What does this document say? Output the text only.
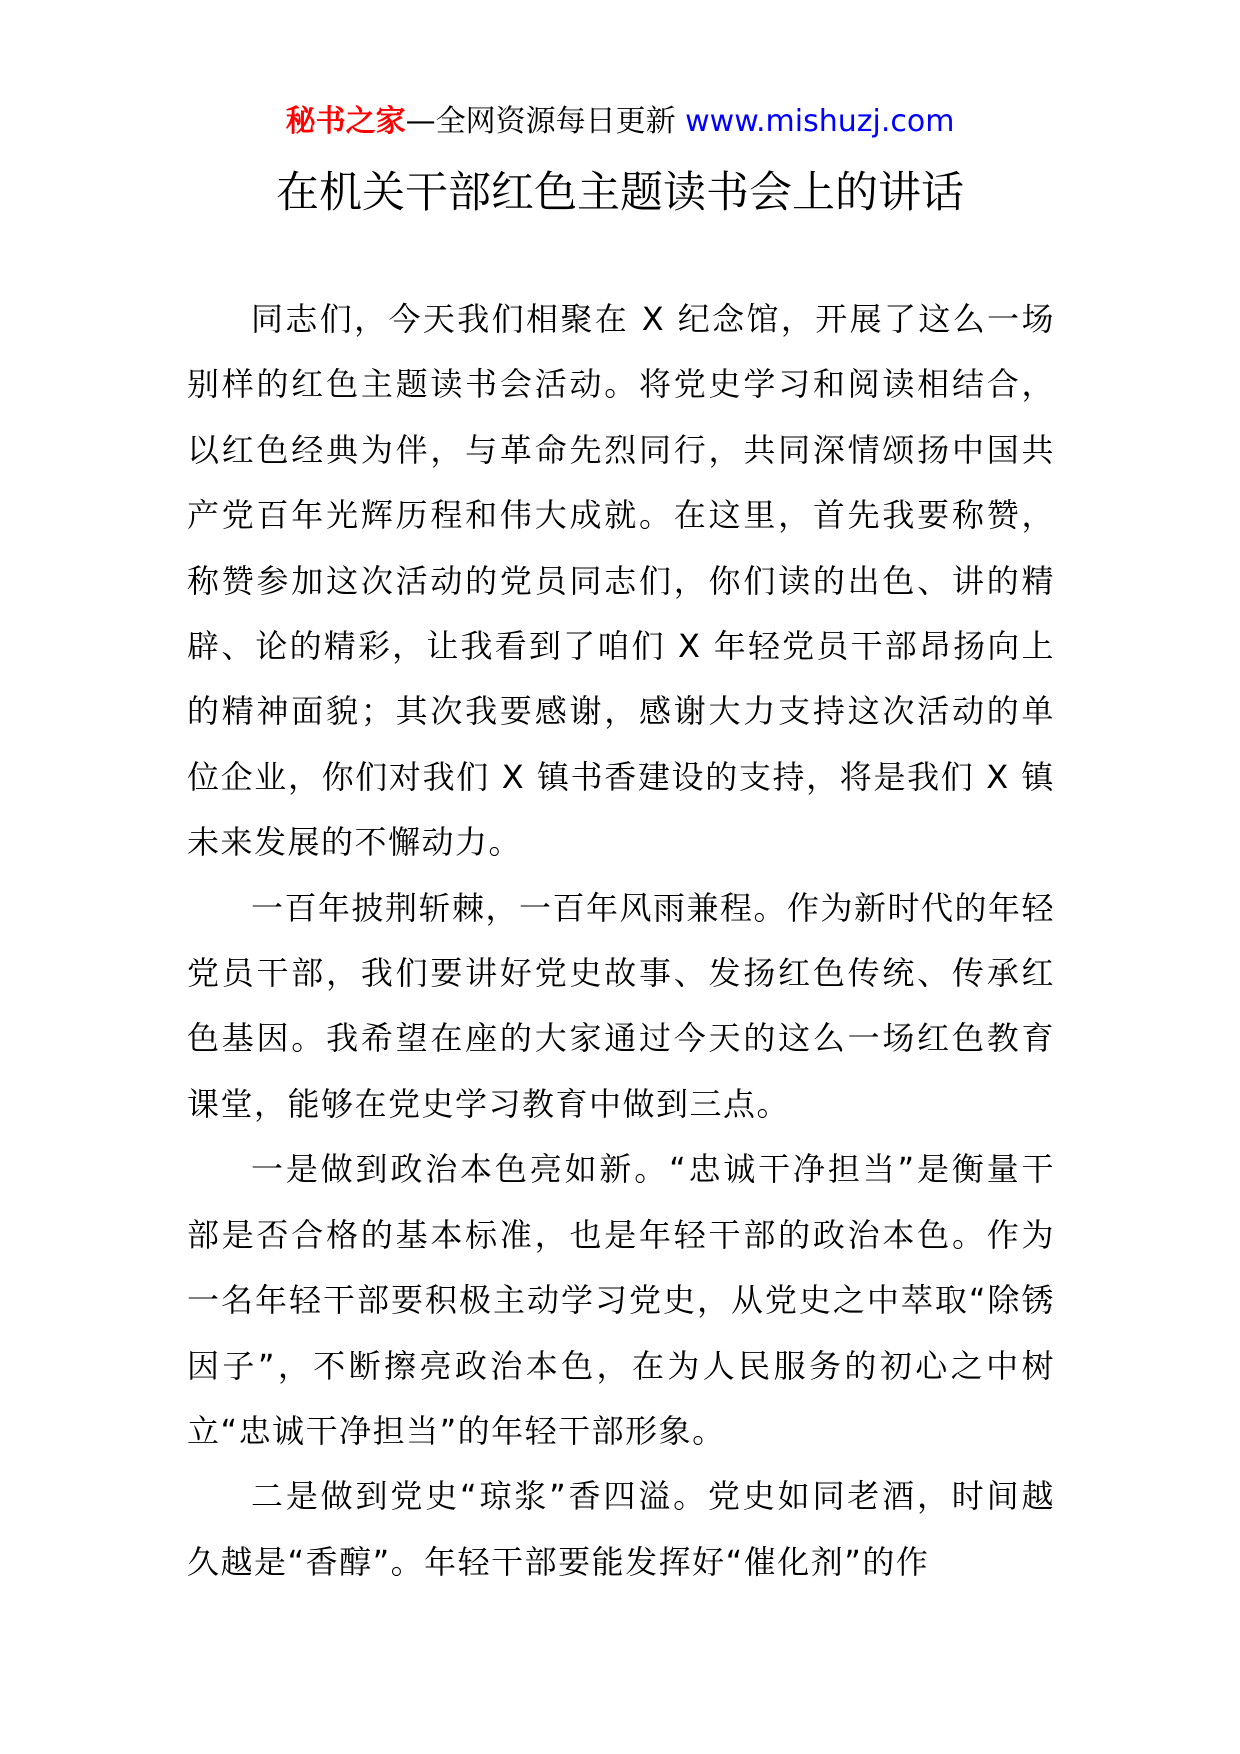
秘书之家—全网资源每日更新 www.mishuzj.com
在机关干部红色主题读书会上的讲话

同志们，今天我们相聚在 X 纪念馆，开展了这么一场别样的红色主题读书会活动。将党史学习和阅读相结合，以红色经典为伴，与革命先烈同行，共同深情颂扬中国共产党百年光辉历程和伟大成就。在这里，首先我要称赞，称赞参加这次活动的党员同志们，你们读的出色、讲的精辟、论的精彩，让我看到了咱们 X 年轻党员干部昂扬向上的精神面貌；其次我要感谢，感谢大力支持这次活动的单位企业，你们对我们 X 镇书香建设的支持，将是我们 X 镇未来发展的不懈动力。

一百年披荆斩棘，一百年风雨兼程。作为新时代的年轻党员干部，我们要讲好党史故事、发扬红色传统、传承红色基因。我希望在座的大家通过今天的这么一场红色教育课堂，能够在党史学习教育中做到三点。

一是做到政治本色亮如新。“忠诚干净担当”是衡量干部是否合格的基本标准，也是年轻干部的政治本色。作为一名年轻干部要积极主动学习党史，从党史之中萃取“除锈因子”，不断擦亮政治本色，在为人民服务的初心之中树立“忠诚干净担当”的年轻干部形象。

二是做到党史“琼浆”香四溢。党史如同老酒，时间越久越是“香醇”。年轻干部要能发挥好“催化剂”的作
